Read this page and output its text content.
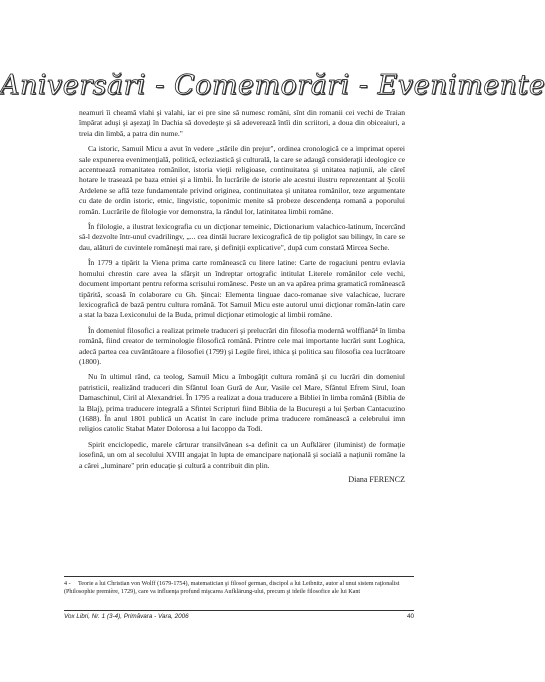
Aniversări - Comemorări - Evenimente

neamuri îi cheamă vlahi şi valahi, iar ei pre sine să numesc români, sînt din romanii cei vechi de Traian împărat aduşi şi aşezaţi în Dachia să dovedeşte şi să adeverează întîi din scriitori, a doua din obiceaiuri, a treia din limbă, a patra din nume."

Ca istoric, Samuil Micu a avut în vedere „stările din prejur", ordinea cronologică ce a imprimat operei sale expunerea evenimenţială, politică, ecleziastică şi culturală, la care se adaugă consideraţii ideologice ce accentuează romanitatea românilor, istoria vieţii religioase, continuitatea şi unitatea naţiunii, ale căreî hotare le trasează pe baza etniei şi a limbii. În lucrările de istorie ale acestui ilustru reprezentant al Şcolii Ardelene se află teze fundamentale privind originea, continuitatea şi unitatea românilor, teze argumentate cu date de ordin istoric, etnic, lingvistic, toponimic menite să probeze descendenţa romană a poporului român. Lucrările de filologie vor demonstra, la rândul lor, latinitatea limbii române.

În filologie, a ilustrat lexicografia cu un dicţionar temeinic, Dictionarium valachico-latinum, încercând să-l dezvolte într-unul cvadrilingv, „... cea dintâi lucrare lexicografică de tip poliglot sau bilingv, în care se dau, alături de cuvintele româneşti mai rare, şi definiţii explicative", după cum constată Mircea Seche.

În 1779 a tipărit la Viena prima carte românească cu litere latine: Carte de rogaciuni pentru evlavia homului chrestin care avea la sfârşit un îndreptar ortografic intitulat Literele românilor cele vechi, document important pentru reforma scrisului românesc. Peste un an va apărea prima gramatică românească tipărită, scoasă în colaborare cu Gh. Şincai: Elementa linguae daco-romanae sive valachicae, lucrare lexicografică de bază pentru cultura română. Tot Samuil Micu este autorul unui dicţionar român-latin care a stat la baza Lexiconului de la Buda, primul dicţionar etimologic al limbii române.

În domeniul filosofici a realizat primele traduceri şi prelucrări din filosofia modernă wolffiană⁴ în limba română, fiind creator de terminologie filosofică română. Printre cele mai importante lucrări sunt Loghica, adecă partea cea cuvântătoare a filosofiei (1799) şi Legile firei, ithica şi politica sau filosofia cea lucrătoare (1800).

Nu în ultimul rând, ca teolog, Samuil Micu a îmbogăţit cultura română şi cu lucrări din domeniul patristicii, realizând traduceri din Sfântul Ioan Gură de Aur, Vasile cel Mare, Sfântul Efrem Sirul, Ioan Damaschinul, Ciril al Alexandriei. În 1795 a realizat a doua traducere a Bibliei în limba română (Biblia de la Blaj), prima traducere integrală a Sfintei Scripturi fiind Biblia de la Bucureşti a lui Şerban Cantacuzino (1688). În anul 1801 publică un Acatist în care include prima traducere românească a celebrului imn religios catolic Stabat Mater Dolorosa a lui Iacoppo da Todi.

Spirit enciclopedic, marele cărturar transilvănean s-a definit ca un Aufklärer (iluminist) de formaţie iosefină, un om al secolului XVIII angajat în lupta de emancipare naţională şi socială a naţiunii române la a cărei „luminare" prin educaţie şi cultură a contribuit din plin.

Diana FERENCZ
4 - Teorie a lui Christian von Wolff (1679-1754), matematician şi filosof german, discipol a lui Leibnitz, autor al unui sistem raţionalist (Philosophie première, 1729), care va influenţa profund mişcarea Aufklärung-ului, precum şi ideile filosofice ale lui Kant
Vox Libri, Nr. 1 (3-4), Primăvara - Vara, 2006	40
